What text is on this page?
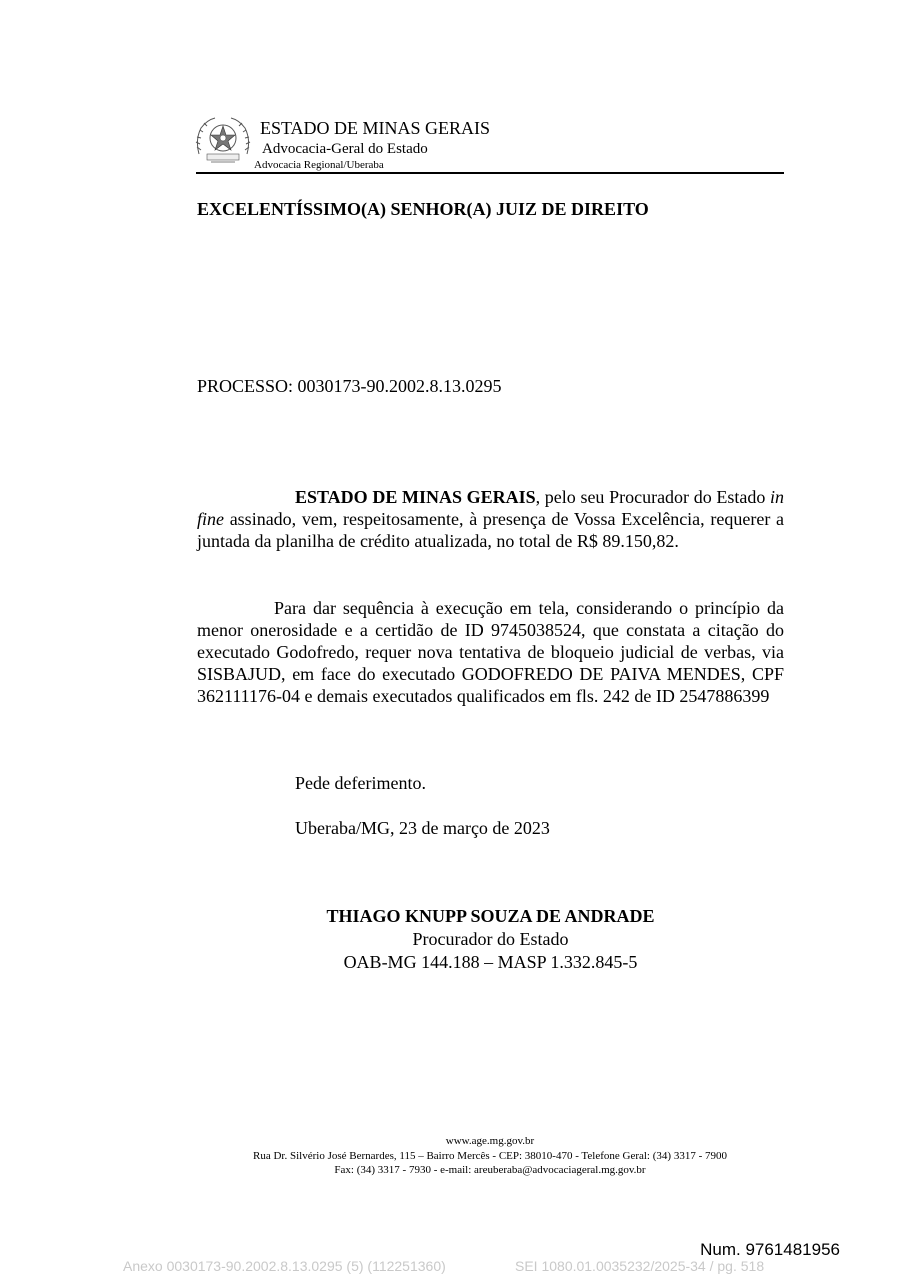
ESTADO DE MINAS GERAIS
Advocacia-Geral do Estado
Advocacia Regional/Uberaba
EXCELENTÍSSIMO(A) SENHOR(A) JUIZ DE DIREITO
PROCESSO: 0030173-90.2002.8.13.0295
ESTADO DE MINAS GERAIS, pelo seu Procurador do Estado in fine assinado, vem, respeitosamente, à presença de Vossa Excelência, requerer a juntada da planilha de crédito atualizada, no total de R$ 89.150,82.
Para dar sequência à execução em tela, considerando o princípio da menor onerosidade e a certidão de ID 9745038524, que constata a citação do executado Godofredo, requer nova tentativa de bloqueio judicial de verbas, via SISBAJUD, em face do executado GODOFREDO DE PAIVA MENDES, CPF 362111176-04 e demais executados qualificados em fls. 242 de ID 2547886399
Pede deferimento.
Uberaba/MG, 23 de março de 2023
THIAGO KNUPP SOUZA DE ANDRADE
Procurador do Estado
OAB-MG 144.188 – MASP 1.332.845-5
www.age.mg.gov.br
Rua Dr. Silvério José Bernardes, 115 – Bairro Mercês - CEP: 38010-470 - Telefone Geral: (34) 3317 - 7900
Fax: (34) 3317 - 7930 - e-mail: areuberaba@advocaciageral.mg.gov.br
Num. 9761481956
Anexo 0030173-90.2002.8.13.0295 (5) (112251360)	SEI 1080.01.0035232/2025-34 / pg. 518
